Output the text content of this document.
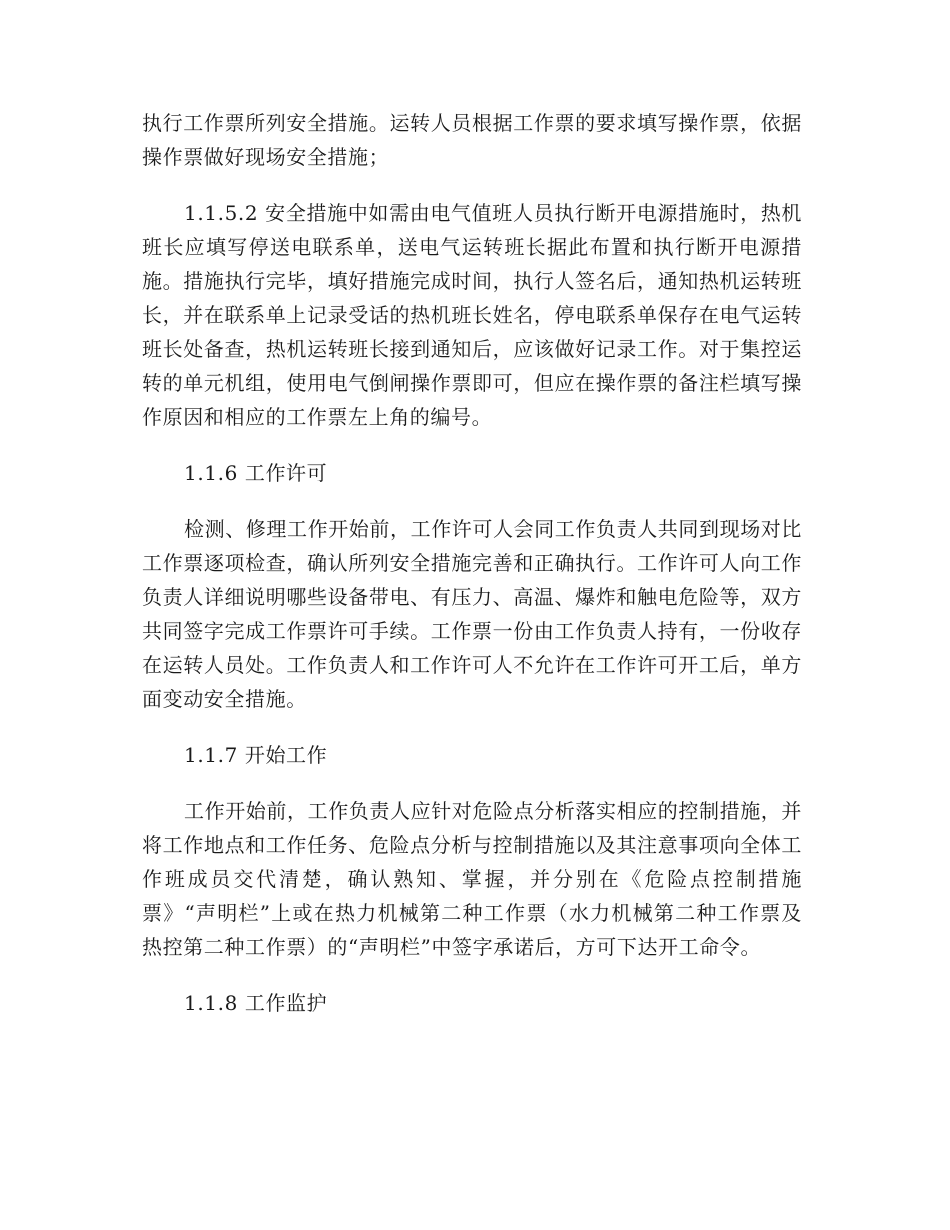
执行工作票所列安全措施。运转人员根据工作票的要求填写操作票，依据操作票做好现场安全措施；

1.1.5.2 安全措施中如需由电气值班人员执行断开电源措施时，热机班长应填写停送电联系单，送电气运转班长据此布置和执行断开电源措施。措施执行完毕，填好措施完成时间，执行人签名后，通知热机运转班长，并在联系单上记录受话的热机班长姓名，停电联系单保存在电气运转班长处备查，热机运转班长接到通知后，应该做好记录工作。对于集控运转的单元机组，使用电气倒闸操作票即可，但应在操作票的备注栏填写操作原因和相应的工作票左上角的编号。

1.1.6 工作许可

检测、修理工作开始前，工作许可人会同工作负责人共同到现场对比工作票逐项检查，确认所列安全措施完善和正确执行。工作许可人向工作负责人详细说明哪些设备带电、有压力、高温、爆炸和触电危险等，双方共同签字完成工作票许可手续。工作票一份由工作负责人持有，一份收存在运转人员处。工作负责人和工作许可人不允许在工作许可开工后，单方面变动安全措施。

1.1.7 开始工作

工作开始前，工作负责人应针对危险点分析落实相应的控制措施，并将工作地点和工作任务、危险点分析与控制措施以及其注意事项向全体工作班成员交代清楚，确认熟知、掌握，并分别在《危险点控制措施票》“声明栏”上或在热力机械第二种工作票（水力机械第二种工作票及热控第二种工作票）的“声明栏”中签字承诺后，方可下达开工命令。

1.1.8 工作监护
